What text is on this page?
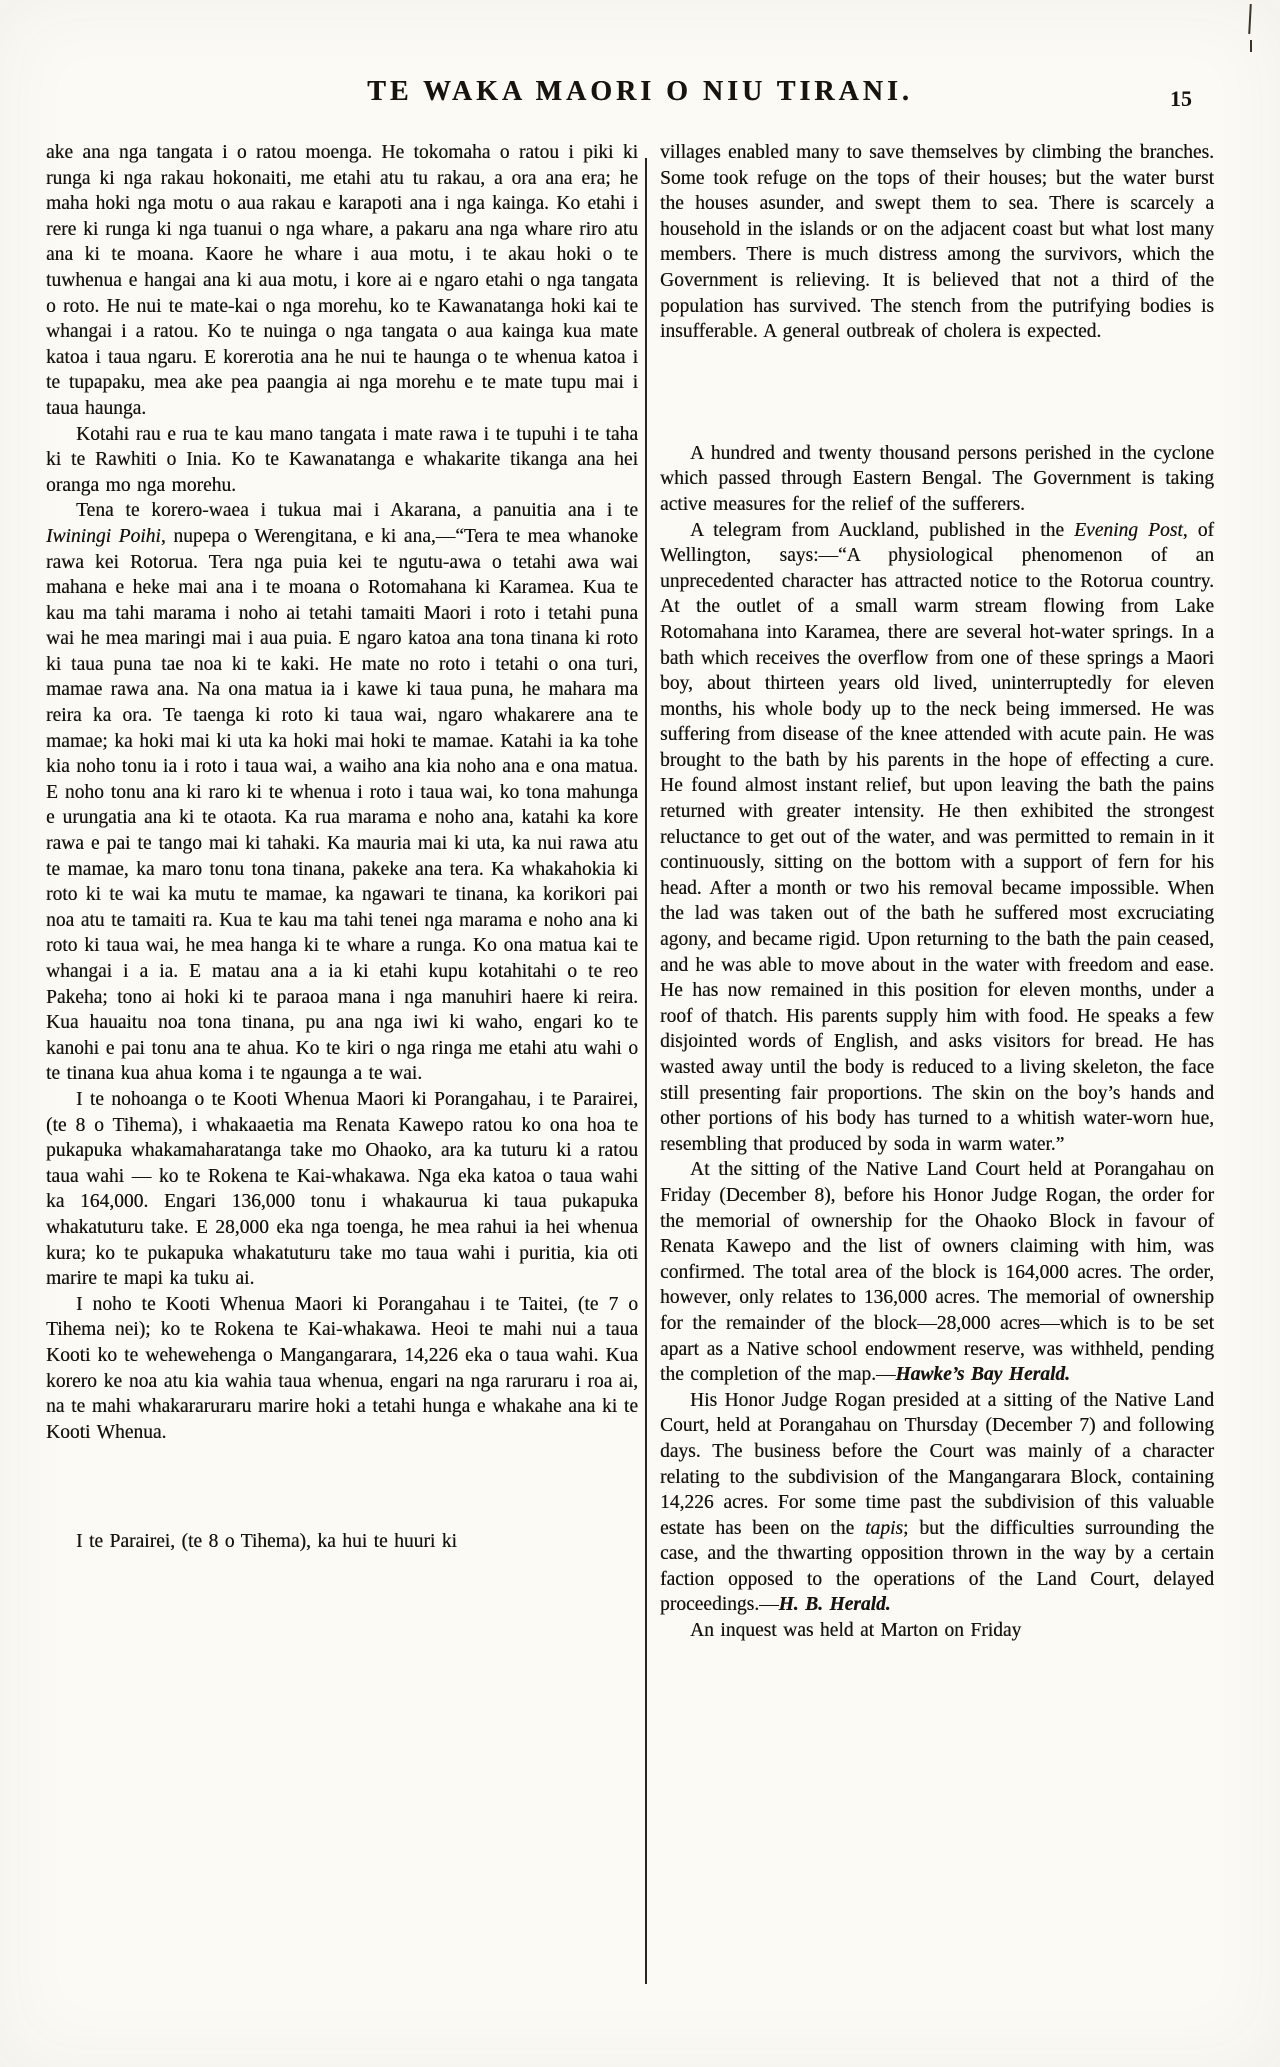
TE WAKA MAORI O NIU TIRANI.	15

ake ana nga tangata i o ratou moenga. He tokomaha o ratou i piki ki runga ki nga rakau hokonaiti, me etahi atu tu rakau, a ora ana era; he maha hoki nga motu o aua rakau e karapoti ana i nga kainga. Ko etahi i rere ki runga ki nga tuanui o nga whare, a pakaru ana nga whare riro atu ana ki te moana. Kaore he whare i aua motu, i te akau hoki o te tuwhenua e hangai ana ki aua motu, i kore ai e ngaro etahi o nga tangata o roto. He nui te mate-kai o nga morehu, ko te Kawanatanga hoki kai te whangai i a ratou. Ko te nuinga o nga tangata o aua kainga kua mate katoa i taua ngaru. E korerotia ana he nui te haunga o te whenua katoa i te tupapaku, mea ake pea paangia ai nga morehu e te mate tupu mai i taua haunga.

Kotahi rau e rua te kau mano tangata i mate rawa i te tupuhi i te taha ki te Rawhiti o Inia. Ko te Kawanatanga e whakarite tikanga ana hei oranga mo nga morehu.

Tena te korero-waea i tukua mai i Akarana, a panuitia ana i te Iwiningi Poihi, nupepa o Werengitana, e ki ana,—“Tera te mea whanoke rawa kei Rotorua. Tera nga puia kei te ngutu-awa o tetahi awa wai mahana e heke mai ana i te moana o Rotomahana ki Karamea. Kua te kau ma tahi marama i noho ai tetahi tamaiti Maori i roto i tetahi puna wai he mea maringi mai i aua puia. E ngaro katoa ana tona tinana ki roto ki taua puna tae noa ki te kaki. He mate no roto i tetahi o ona turi, mamae rawa ana. Na ona matua ia i kawe ki taua puna, he mahara ma reira ka ora. Te taenga ki roto ki taua wai, ngaro whakarere ana te mamae; ka hoki mai ki uta ka hoki mai hoki te mamae. Katahi ia ka tohe kia noho tonu ia i roto i taua wai, a waiho ana kia noho ana e ona matua. E noho tonu ana ki raro ki te whenua i roto i taua wai, ko tona mahunga e urungatia ana ki te otaota. Ka rua marama e noho ana, katahi ka kore rawa e pai te tango mai ki tahaki. Ka mauria mai ki uta, ka nui rawa atu te mamae, ka maro tonu tona tinana, pakeke ana tera. Ka whakahokia ki roto ki te wai ka mutu te mamae, ka ngawari te tinana, ka korikori pai noa atu te tamaiti ra. Kua te kau ma tahi tenei nga marama e noho ana ki roto ki taua wai, he mea hanga ki te whare a runga. Ko ona matua kai te whangai i a ia. E matau ana a ia ki etahi kupu kotahitahi o te reo Pakeha; tono ai hoki ki te paraoa mana i nga manuhiri haere ki reira. Kua hauaitu noa tona tinana, pu ana nga iwi ki waho, engari ko te kanohi e pai tonu ana te ahua. Ko te kiri o nga ringa me etahi atu wahi o te tinana kua ahua koma i te ngaunga a te wai.

I te nohoanga o te Kooti Whenua Maori ki Porangahau, i te Parairei, (te 8 o Tihema), i whakaaetia ma Renata Kawepo ratou ko ona hoa te pukapuka whakamaharatanga take mo Ohaoko, ara ka tuturu ki a ratou taua wahi — ko te Rokena te Kai-whakawa. Nga eka katoa o taua wahi ka 164,000. Engari 136,000 tonu i whakaurua ki taua pukapuka whakatuturu take. E 28,000 eka nga toenga, he mea rahui ia hei whenua kura; ko te pukapuka whakatuturu take mo taua wahi i puritia, kia oti marire te mapi ka tuku ai.

I noho te Kooti Whenua Maori ki Porangahau i te Taitei, (te 7 o Tihema nei); ko te Rokena te Kai-whakawa. Heoi te mahi nui a taua Kooti ko te wehewehenga o Mangangarara, 14,226 eka o taua wahi. Kua korero ke noa atu kia wahia taua whenua, engari na nga raruraru i roa ai, na te mahi whakararuraru marire hoki a tetahi hunga e whakahe ana ki te Kooti Whenua.

I te Parairei, (te 8 o Tihema), ka hui te huuri ki

villages enabled many to save themselves by climbing the branches. Some took refuge on the tops of their houses; but the water burst the houses asunder, and swept them to sea. There is scarcely a household in the islands or on the adjacent coast but what lost many members. There is much distress among the survivors, which the Government is relieving. It is believed that not a third of the population has survived. The stench from the putrifying bodies is insufferable. A general outbreak of cholera is expected.

A hundred and twenty thousand persons perished in the cyclone which passed through Eastern Bengal. The Government is taking active measures for the relief of the sufferers.

A telegram from Auckland, published in the Evening Post, of Wellington, says:—“A physiological phenomenon of an unprecedented character has attracted notice to the Rotorua country. At the outlet of a small warm stream flowing from Lake Rotomahana into Karamea, there are several hot-water springs. In a bath which receives the overflow from one of these springs a Maori boy, about thirteen years old lived, uninterruptedly for eleven months, his whole body up to the neck being immersed. He was suffering from disease of the knee attended with acute pain. He was brought to the bath by his parents in the hope of effecting a cure. He found almost instant relief, but upon leaving the bath the pains returned with greater intensity. He then exhibited the strongest reluctance to get out of the water, and was permitted to remain in it continuously, sitting on the bottom with a support of fern for his head. After a month or two his removal became impossible. When the lad was taken out of the bath he suffered most excruciating agony, and became rigid. Upon returning to the bath the pain ceased, and he was able to move about in the water with freedom and ease. He has now remained in this position for eleven months, under a roof of thatch. His parents supply him with food. He speaks a few disjointed words of English, and asks visitors for bread. He has wasted away until the body is reduced to a living skeleton, the face still presenting fair proportions. The skin on the boy’s hands and other portions of his body has turned to a whitish water-worn hue, resembling that produced by soda in warm water.”

At the sitting of the Native Land Court held at Porangahau on Friday (December 8), before his Honor Judge Rogan, the order for the memorial of ownership for the Ohaoko Block in favour of Renata Kawepo and the list of owners claiming with him, was confirmed. The total area of the block is 164,000 acres. The order, however, only relates to 136,000 acres. The memorial of ownership for the remainder of the block—28,000 acres—which is to be set apart as a Native school endowment reserve, was withheld, pending the completion of the map.—Hawke’s Bay Herald.

His Honor Judge Rogan presided at a sitting of the Native Land Court, held at Porangahau on Thursday (December 7) and following days. The business before the Court was mainly of a character relating to the subdivision of the Mangangarara Block, containing 14,226 acres. For some time past the subdivision of this valuable estate has been on the tapis; but the difficulties surrounding the case, and the thwarting opposition thrown in the way by a certain faction opposed to the operations of the Land Court, delayed proceedings.—H. B. Herald.

An inquest was held at Marton on Friday
